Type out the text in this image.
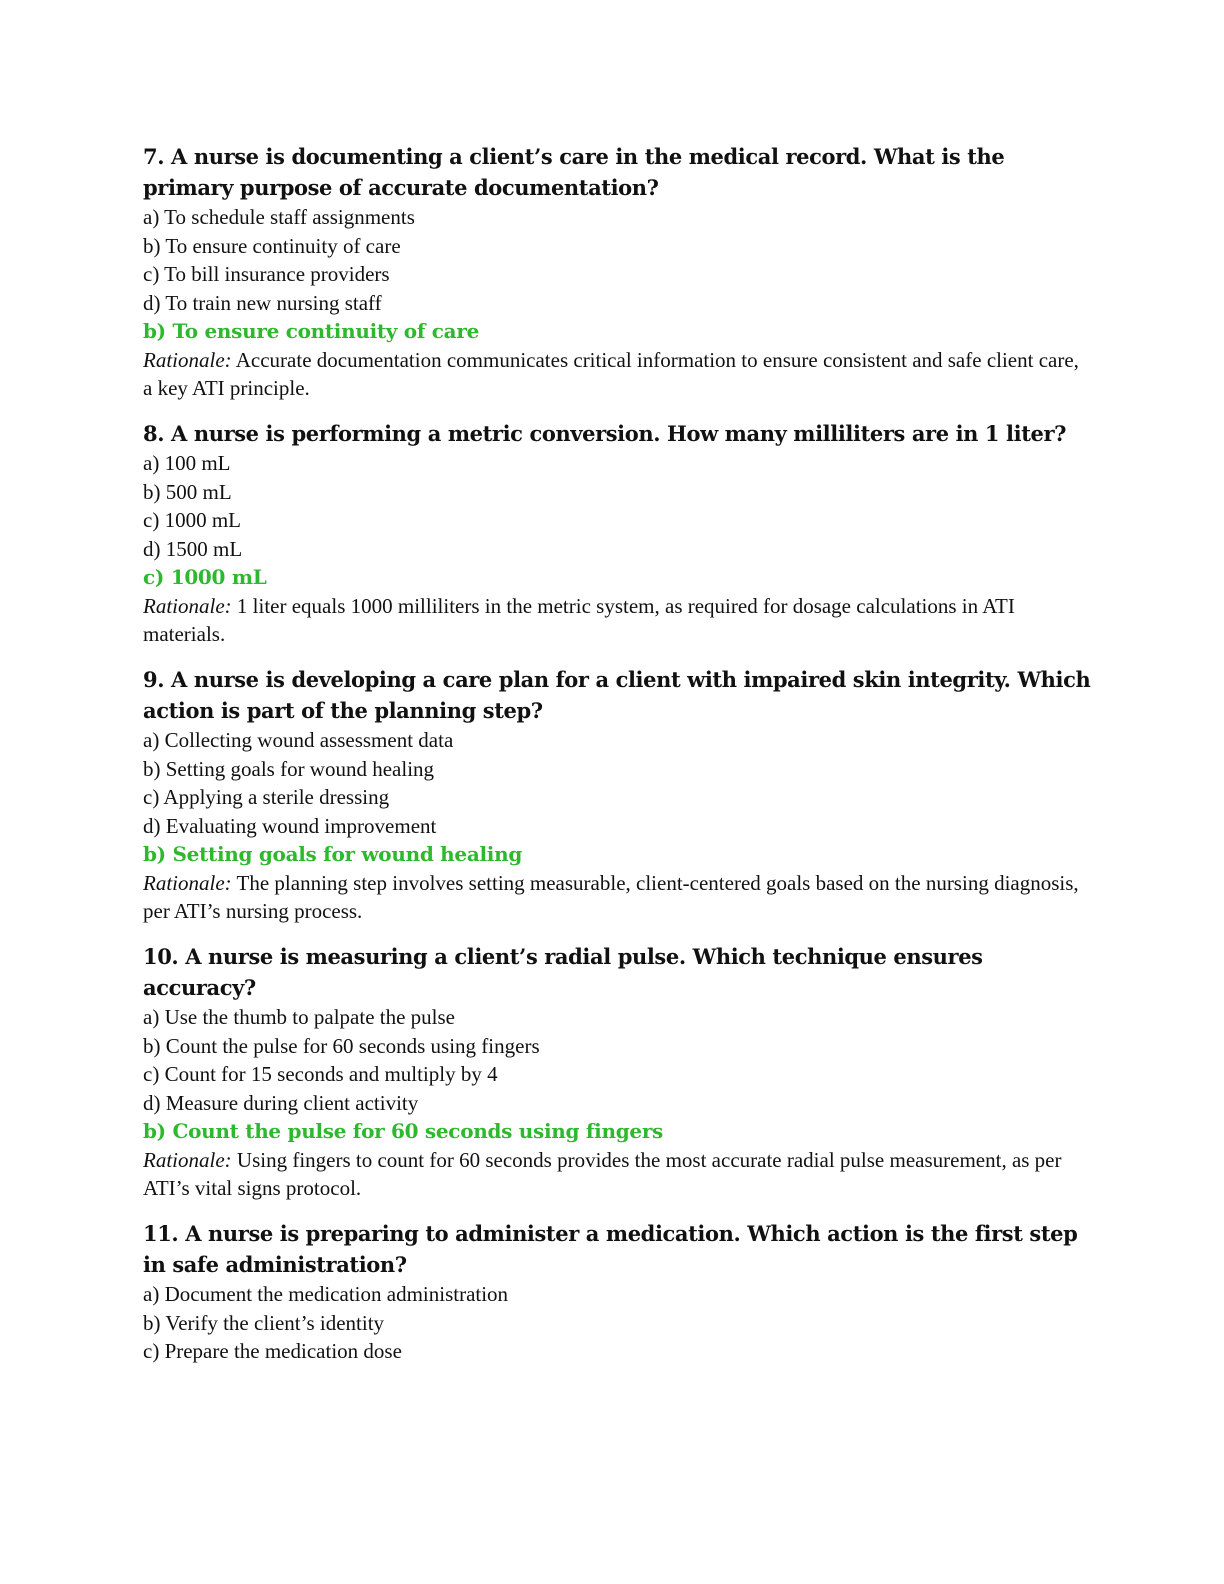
7. A nurse is documenting a client’s care in the medical record. What is the primary purpose of accurate documentation?

a) To schedule staff assignments

b) To ensure continuity of care

c) To bill insurance providers

d) To train new nursing staff

b) To ensure continuity of care

Rationale: Accurate documentation communicates critical information to ensure consistent and safe client care, a key ATI principle.

8. A nurse is performing a metric conversion. How many milliliters are in 1 liter?

a) 100 mL

b) 500 mL

c) 1000 mL

d) 1500 mL

c) 1000 mL

Rationale: 1 liter equals 1000 milliliters in the metric system, as required for dosage calculations in ATI materials.

9. A nurse is developing a care plan for a client with impaired skin integrity. Which action is part of the planning step?

a) Collecting wound assessment data

b) Setting goals for wound healing

c) Applying a sterile dressing

d) Evaluating wound improvement

b) Setting goals for wound healing

Rationale: The planning step involves setting measurable, client-centered goals based on the nursing diagnosis, per ATI’s nursing process.

10. A nurse is measuring a client’s radial pulse. Which technique ensures accuracy?

a) Use the thumb to palpate the pulse

b) Count the pulse for 60 seconds using fingers

c) Count for 15 seconds and multiply by 4

d) Measure during client activity

b) Count the pulse for 60 seconds using fingers

Rationale: Using fingers to count for 60 seconds provides the most accurate radial pulse measurement, as per ATI’s vital signs protocol.

11. A nurse is preparing to administer a medication. Which action is the first step in safe administration?

a) Document the medication administration

b) Verify the client’s identity

c) Prepare the medication dose
